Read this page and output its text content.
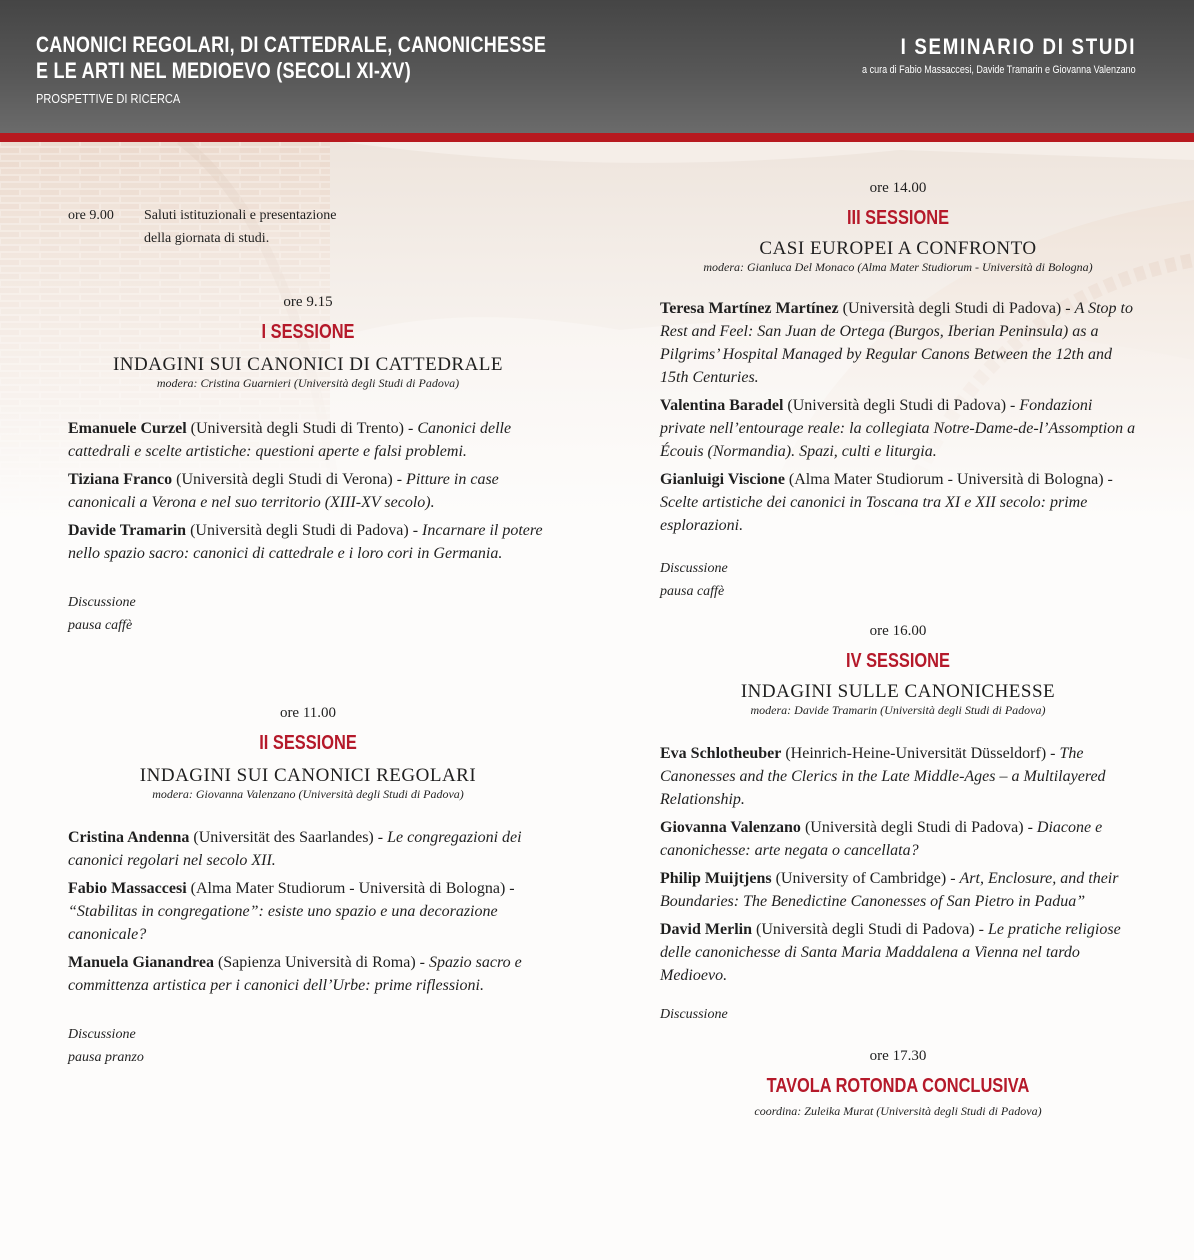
CANONICI REGOLARI, DI CATTEDRALE, CANONICHESSE
E LE ARTI NEL MEDIOEVO (SECOLI XI-XV)
PROSPETTIVE DI RICERCA
I SEMINARIO DI STUDI
a cura di Fabio Massaccesi, Davide Tramarin e Giovanna Valenzano
ore 9.00	Saluti istituzionali e presentazione
della giornata di studi.

ore 9.15

I SESSIONE

INDAGINI SUI CANONICI DI CATTEDRALE

modera: Cristina Guarnieri (Università degli Studi di Padova)

Emanuele Curzel (Università degli Studi di Trento) - Canonici delle cattedrali e scelte artistiche: questioni aperte e falsi problemi.

Tiziana Franco (Università degli Studi di Verona) - Pitture in case canonicali a Verona e nel suo territorio (XIII-XV secolo).

Davide Tramarin (Università degli Studi di Padova) - Incarnare il potere nello spazio sacro: canonici di cattedrale e i loro cori in Germania.

Discussione

pausa caffè

ore 11.00

II SESSIONE

INDAGINI SUI CANONICI REGOLARI

modera: Giovanna Valenzano (Università degli Studi di Padova)

Cristina Andenna (Universität des Saarlandes) - Le congregazioni dei canonici regolari nel secolo XII.

Fabio Massaccesi (Alma Mater Studiorum - Università di Bologna) - “Stabilitas in congregatione”: esiste uno spazio e una decorazione canonicale?

Manuela Gianandrea (Sapienza Università di Roma) - Spazio sacro e committenza artistica per i canonici dell’Urbe: prime riflessioni.

Discussione

pausa pranzo

ore 14.00

III SESSIONE

CASI EUROPEI A CONFRONTO

modera: Gianluca Del Monaco (Alma Mater Studiorum - Università di Bologna)

Teresa Martínez Martínez (Università degli Studi di Padova) - A Stop to Rest and Feel: San Juan de Ortega (Burgos, Iberian Peninsula) as a Pilgrims’ Hospital Managed by Regular Canons Between the 12th and 15th Centuries.

Valentina Baradel (Università degli Studi di Padova) - Fondazioni private nell’entourage reale: la collegiata Notre-Dame-de-l’Assomption a Écouis (Normandia). Spazi, culti e liturgia.

Gianluigi Viscione (Alma Mater Studiorum - Università di Bologna) - Scelte artistiche dei canonici in Toscana tra XI e XII secolo: prime esplorazioni.

Discussione

pausa caffè

ore 16.00

IV SESSIONE

INDAGINI SULLE CANONICHESSE

modera: Davide Tramarin (Università degli Studi di Padova)

Eva Schlotheuber (Heinrich-Heine-Universität Düsseldorf) - The Canonesses and the Clerics in the Late Middle-Ages – a Multilayered Relationship.

Giovanna Valenzano (Università degli Studi di Padova) - Diacone e canonichesse: arte negata o cancellata?

Philip Muijtjens (University of Cambridge) - Art, Enclosure, and their Boundaries: The Benedictine Canonesses of San Pietro in Padua”

David Merlin (Università degli Studi di Padova) - Le pratiche religiose delle canonichesse di Santa Maria Maddalena a Vienna nel tardo Medioevo.

Discussione

ore 17.30

TAVOLA ROTONDA CONCLUSIVA

coordina: Zuleika Murat (Università degli Studi di Padova)
